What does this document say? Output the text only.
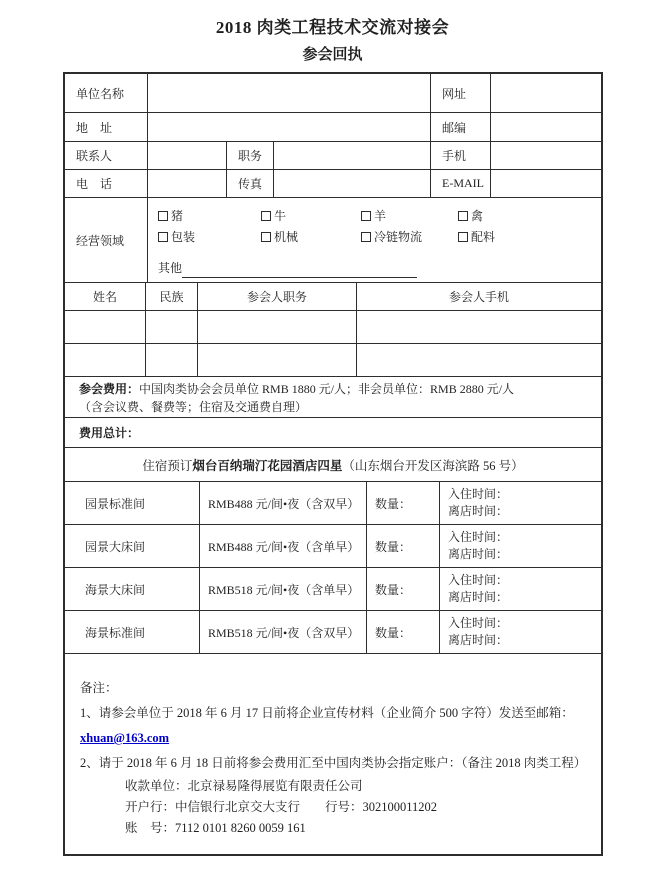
2018 肉类工程技术交流对接会
参会回执
单位名称	网址
地　址	邮编
联系人	职务	手机
电　话	传真	E-MAIL
经营领域
猪	牛	羊	禽
包装	机械	冷链物流	配料
其他
姓名	民族	参会人职务	参会人手机
参会费用：中国肉类协会会员单位 RMB 1880 元/人；非会员单位：RMB 2880 元/人
（含会议费、餐费等；住宿及交通费自理）
费用总计：
住宿预订 烟台百纳瑞汀花园酒店四星 （山东烟台开发区海滨路 56 号）
园景标准间	RMB488 元/间•夜（含双早）	数量：
入住时间：
离店时间：
园景大床间	RMB488 元/间•夜（含单早）	数量：
入住时间：
离店时间：
海景大床间	RMB518 元/间•夜（含单早）	数量：
入住时间：
离店时间：
海景标准间	RMB518 元/间•夜（含双早）	数量：
入住时间：
离店时间：
备注：
1、请参会单位于 2018 年 6 月 17 日前将企业宣传材料（企业简介 500 字符）发送至邮箱：
xhuan@163.com
2、请于 2018 年 6 月 18 日前将参会费用汇至中国肉类协会指定账户：（备注 2018 肉类工程）
收款单位：北京禄易隆得展览有限责任公司
开户行：中信银行北京交大支行　　行号：302100011202
账　号：7112 0101 8260 0059 161
